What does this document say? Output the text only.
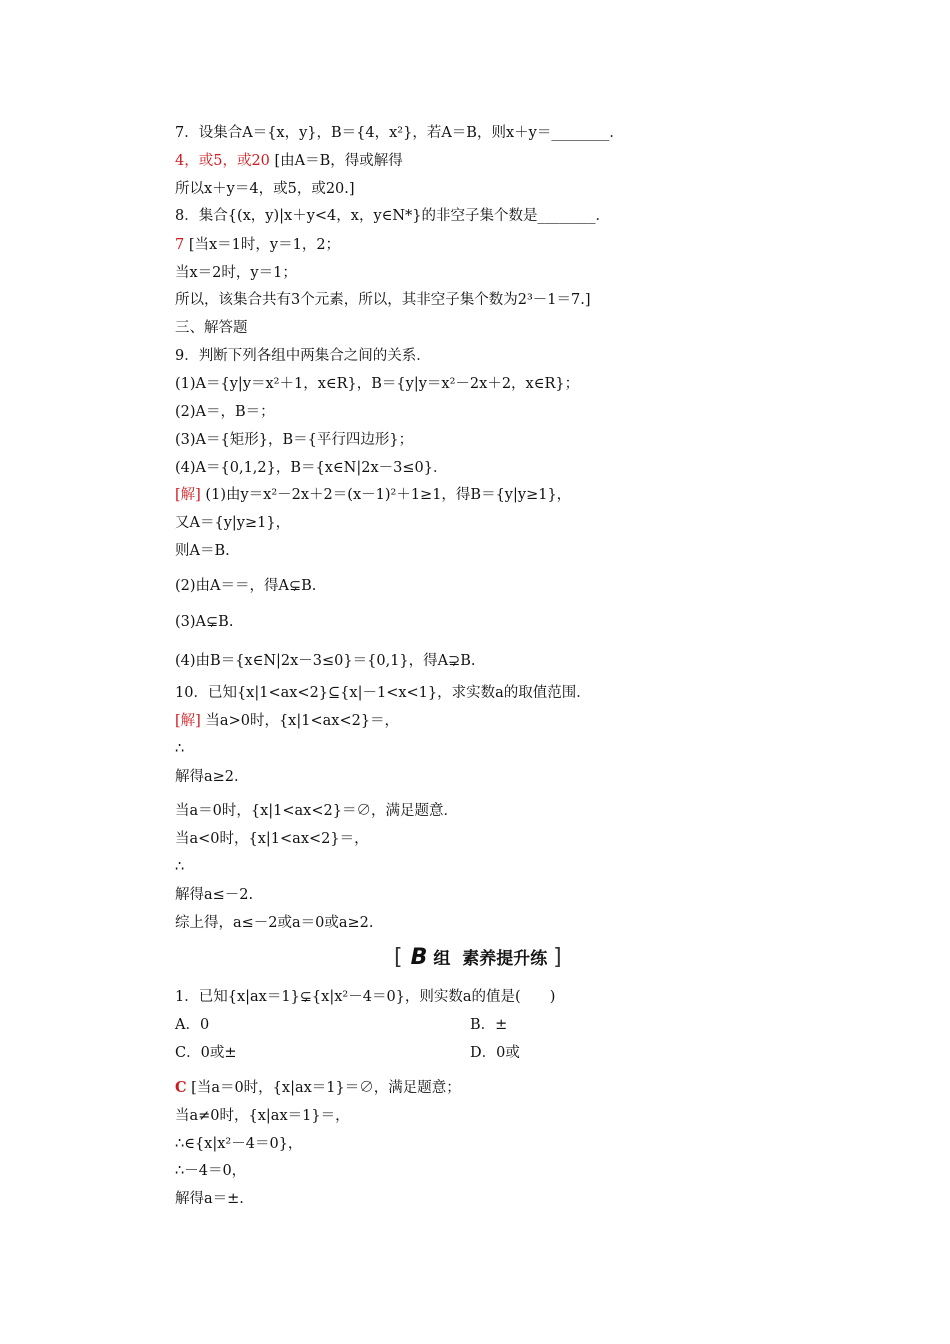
7．设集合A＝{x，y}，B＝{4，x²}，若A＝B，则x＋y＝________．
4，或5，或20 [由A＝B，得或解得
所以x＋y＝4，或5，或20.]
8．集合{(x，y)|x＋y<4，x，y∈N*}的非空子集个数是________．
7 [当x＝1时，y＝1，2；
当x＝2时，y＝1；
所以，该集合共有3个元素，所以，其非空子集个数为2³－1＝7.]
三、解答题
9．判断下列各组中两集合之间的关系．
(1)A＝{y|y＝x²＋1，x∈R}，B＝{y|y＝x²－2x＋2，x∈R}；
(2)A＝，B＝；
(3)A＝{矩形}，B＝{平行四边形}；
(4)A＝{0,1,2}，B＝{x∈N|2x－3≤0}．
[解] (1)由y＝x²－2x＋2＝(x－1)²＋1≥1，得B＝{y|y≥1}，
又A＝{y|y≥1}，
则A＝B.
(2)由A＝＝，得A⊊B.
(3)A⊊B.
(4)由B＝{x∈N|2x－3≤0}＝{0,1}，得A⊋B.
10．已知{x|1<ax<2}⊆{x|－1<x<1}，求实数a的取值范围．
[解] 当a>0时，{x|1<ax<2}＝，
∴
解得a≥2.
当a＝0时，{x|1<ax<2}＝∅，满足题意．
当a<0时，{x|1<ax<2}＝，
∴
解得a≤－2.
综上得，a≤－2或a＝0或a≥2.
[ B 组 素养提升练 ]
1．已知{x|ax＝1}⊊{x|x²－4＝0}，则实数a的值是(　　)
A．0	B．±
C．0或±	D．0或
C [当a＝0时，{x|ax＝1}＝∅，满足题意；
当a≠0时，{x|ax＝1}＝，
∴∈{x|x²－4＝0}，
∴－4＝0，
解得a＝±.
